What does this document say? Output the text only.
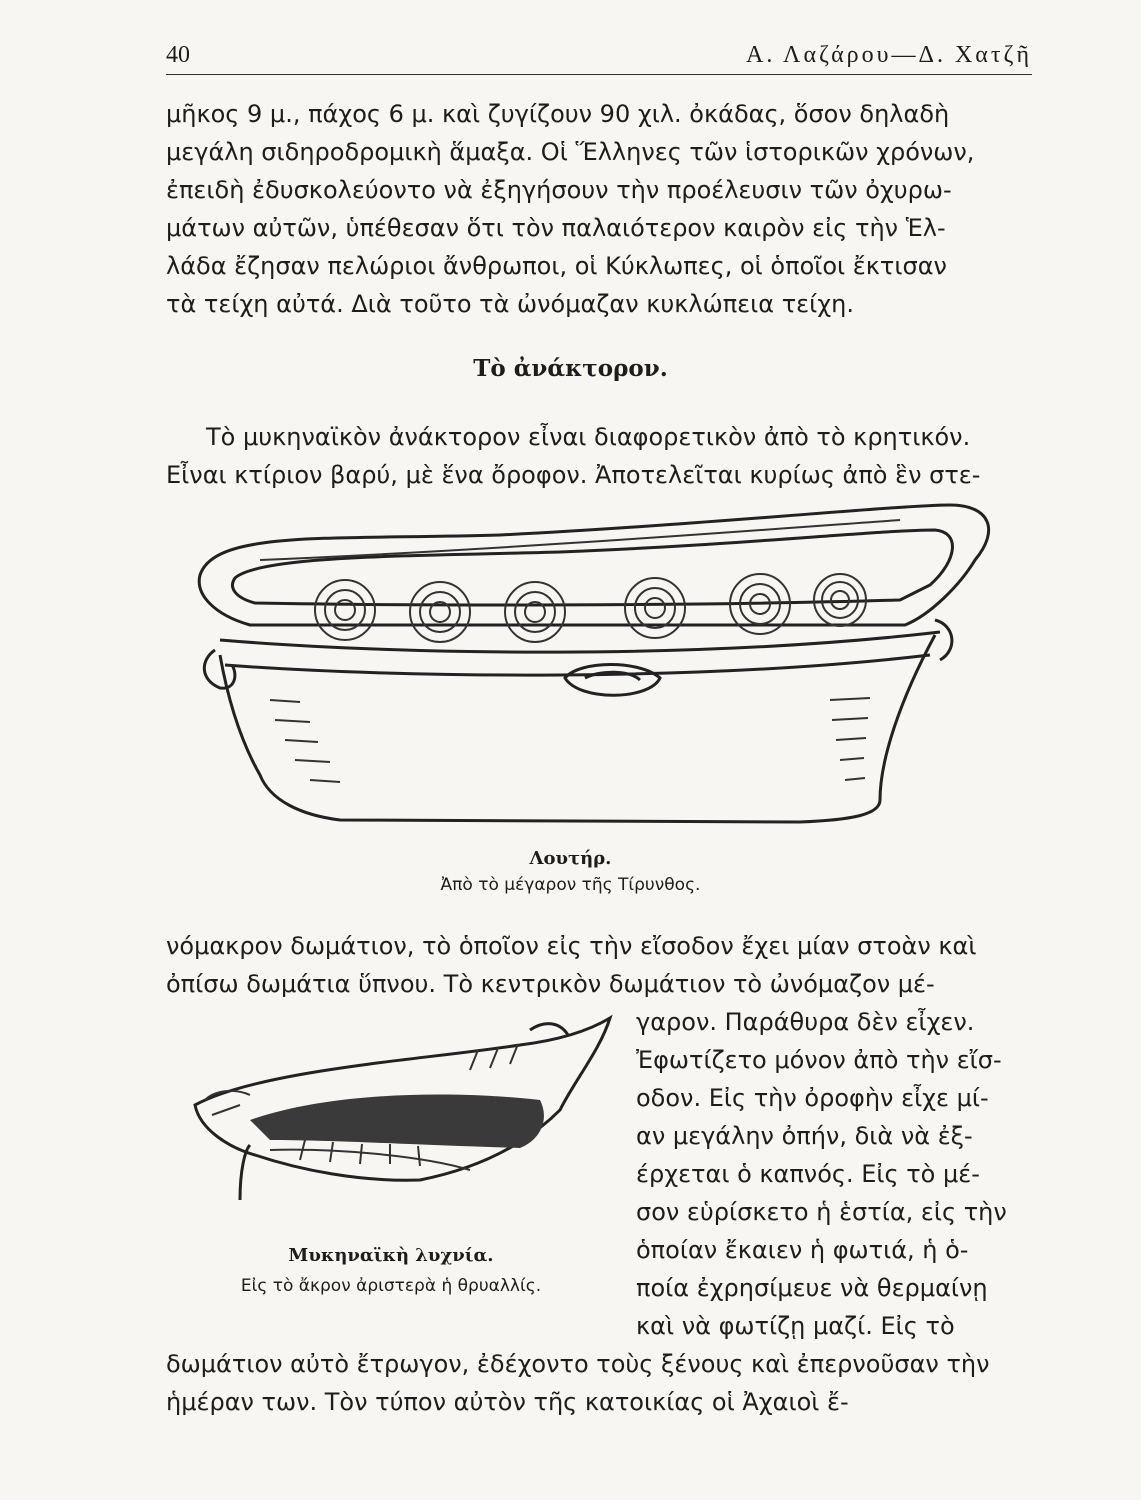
40	Α. Λαζάρου—Δ. Χατζῆ
μῆκος 9 μ., πάχος 6 μ. καὶ ζυγίζουν 90 χιλ. ὀκάδας, ὅσον δηλαδὴ
μεγάλη σιδηροδρομικὴ ἅμαξα. Οἱ Ἕλληνες τῶν ἱστορικῶν χρόνων,
ἐπειδὴ ἐδυσκολεύοντο νὰ ἐξηγήσουν τὴν προέλευσιν τῶν ὀχυρω-
μάτων αὐτῶν, ὑπέθεσαν ὅτι τὸν παλαιότερον καιρὸν εἰς τὴν Ἑλ-
λάδα ἔζησαν πελώριοι ἄνθρωποι, οἱ Κύκλωπες, οἱ ὁποῖοι ἔκτισαν
τὰ τείχη αὐτά. Διὰ τοῦτο τὰ ὠνόμαζαν κυκλώπεια τείχη.
Τὸ ἀνάκτορον.
Τὸ μυκηναϊκὸν ἀνάκτορον εἶναι διαφορετικὸν ἀπὸ τὸ κρητικόν.
Εἶναι κτίριον βαρύ, μὲ ἕνα ὄροφον. Ἀποτελεῖται κυρίως ἀπὸ ἓν στε-
Λουτήρ.
Ἀπὸ τὸ μέγαρον τῆς Τίρυνθος.
νόμακρον δωμάτιον, τὸ ὁποῖον εἰς τὴν εἴσοδον ἔχει μίαν στοὰν καὶ
ὀπίσω δωμάτια ὕπνου. Τὸ κεντρικὸν δωμάτιον τὸ ὠνόμαζον μέ-
γαρον. Παράθυρα δὲν εἶχεν.
Ἐφωτίζετο μόνον ἀπὸ τὴν εἴσ-
οδον. Εἰς τὴν ὀροφὴν εἶχε μί-
αν μεγάλην ὀπήν, διὰ νὰ ἐξ-
έρχεται ὁ καπνός. Εἰς τὸ μέ-
σον εὑρίσκετο ἡ ἑστία, εἰς τὴν
ὁποίαν ἔκαιεν ἡ φωτιά, ἡ ὁ-
ποία ἐχρησίμευε νὰ θερμαίνῃ
καὶ νὰ φωτίζῃ μαζί. Εἰς τὸ
Μυκηναϊκὴ λυχνία.
Εἰς τὸ ἄκρον ἀριστερὰ ἡ θρυαλλίς.
δωμάτιον αὐτὸ ἔτρωγον, ἐδέχοντο τοὺς ξένους καὶ ἐπερνοῦσαν τὴν
ἡμέραν των. Τὸν τύπον αὐτὸν τῆς κατοικίας οἱ Ἀχαιοὶ ἔ-
